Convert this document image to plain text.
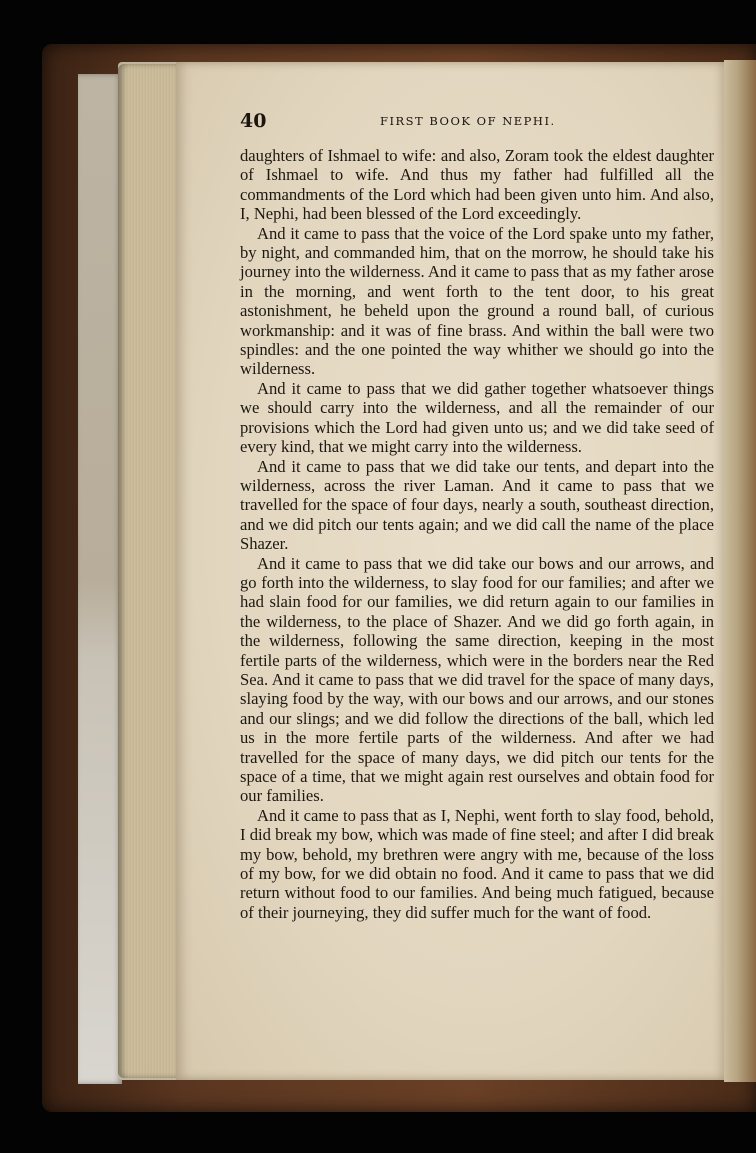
40	FIRST BOOK OF NEPHI.

daughters of Ishmael to wife: and also, Zoram took the eldest daughter of Ishmael to wife. And thus my father had fulfilled all the commandments of the Lord which had been given unto him. And also, I, Nephi, had been blessed of the Lord exceedingly.

And it came to pass that the voice of the Lord spake unto my father, by night, and commanded him, that on the morrow, he should take his journey into the wilderness. And it came to pass that as my father arose in the morning, and went forth to the tent door, to his great astonishment, he beheld upon the ground a round ball, of curious workmanship: and it was of fine brass. And within the ball were two spindles: and the one pointed the way whither we should go into the wilderness.

And it came to pass that we did gather together whatsoever things we should carry into the wilderness, and all the remainder of our provisions which the Lord had given unto us; and we did take seed of every kind, that we might carry into the wilderness.

And it came to pass that we did take our tents, and depart into the wilderness, across the river Laman. And it came to pass that we travelled for the space of four days, nearly a south, southeast direction, and we did pitch our tents again; and we did call the name of the place Shazer.

And it came to pass that we did take our bows and our arrows, and go forth into the wilderness, to slay food for our families; and after we had slain food for our families, we did return again to our families in the wilderness, to the place of Shazer. And we did go forth again, in the wilderness, following the same direction, keeping in the most fertile parts of the wilderness, which were in the borders near the Red Sea. And it came to pass that we did travel for the space of many days, slaying food by the way, with our bows and our arrows, and our stones and our slings; and we did follow the directions of the ball, which led us in the more fertile parts of the wilderness. And after we had travelled for the space of many days, we did pitch our tents for the space of a time, that we might again rest ourselves and obtain food for our families.

And it came to pass that as I, Nephi, went forth to slay food, behold, I did break my bow, which was made of fine steel; and after I did break my bow, behold, my brethren were angry with me, because of the loss of my bow, for we did obtain no food. And it came to pass that we did return without food to our families. And being much fatigued, because of their journeying, they did suffer much for the want of food.
